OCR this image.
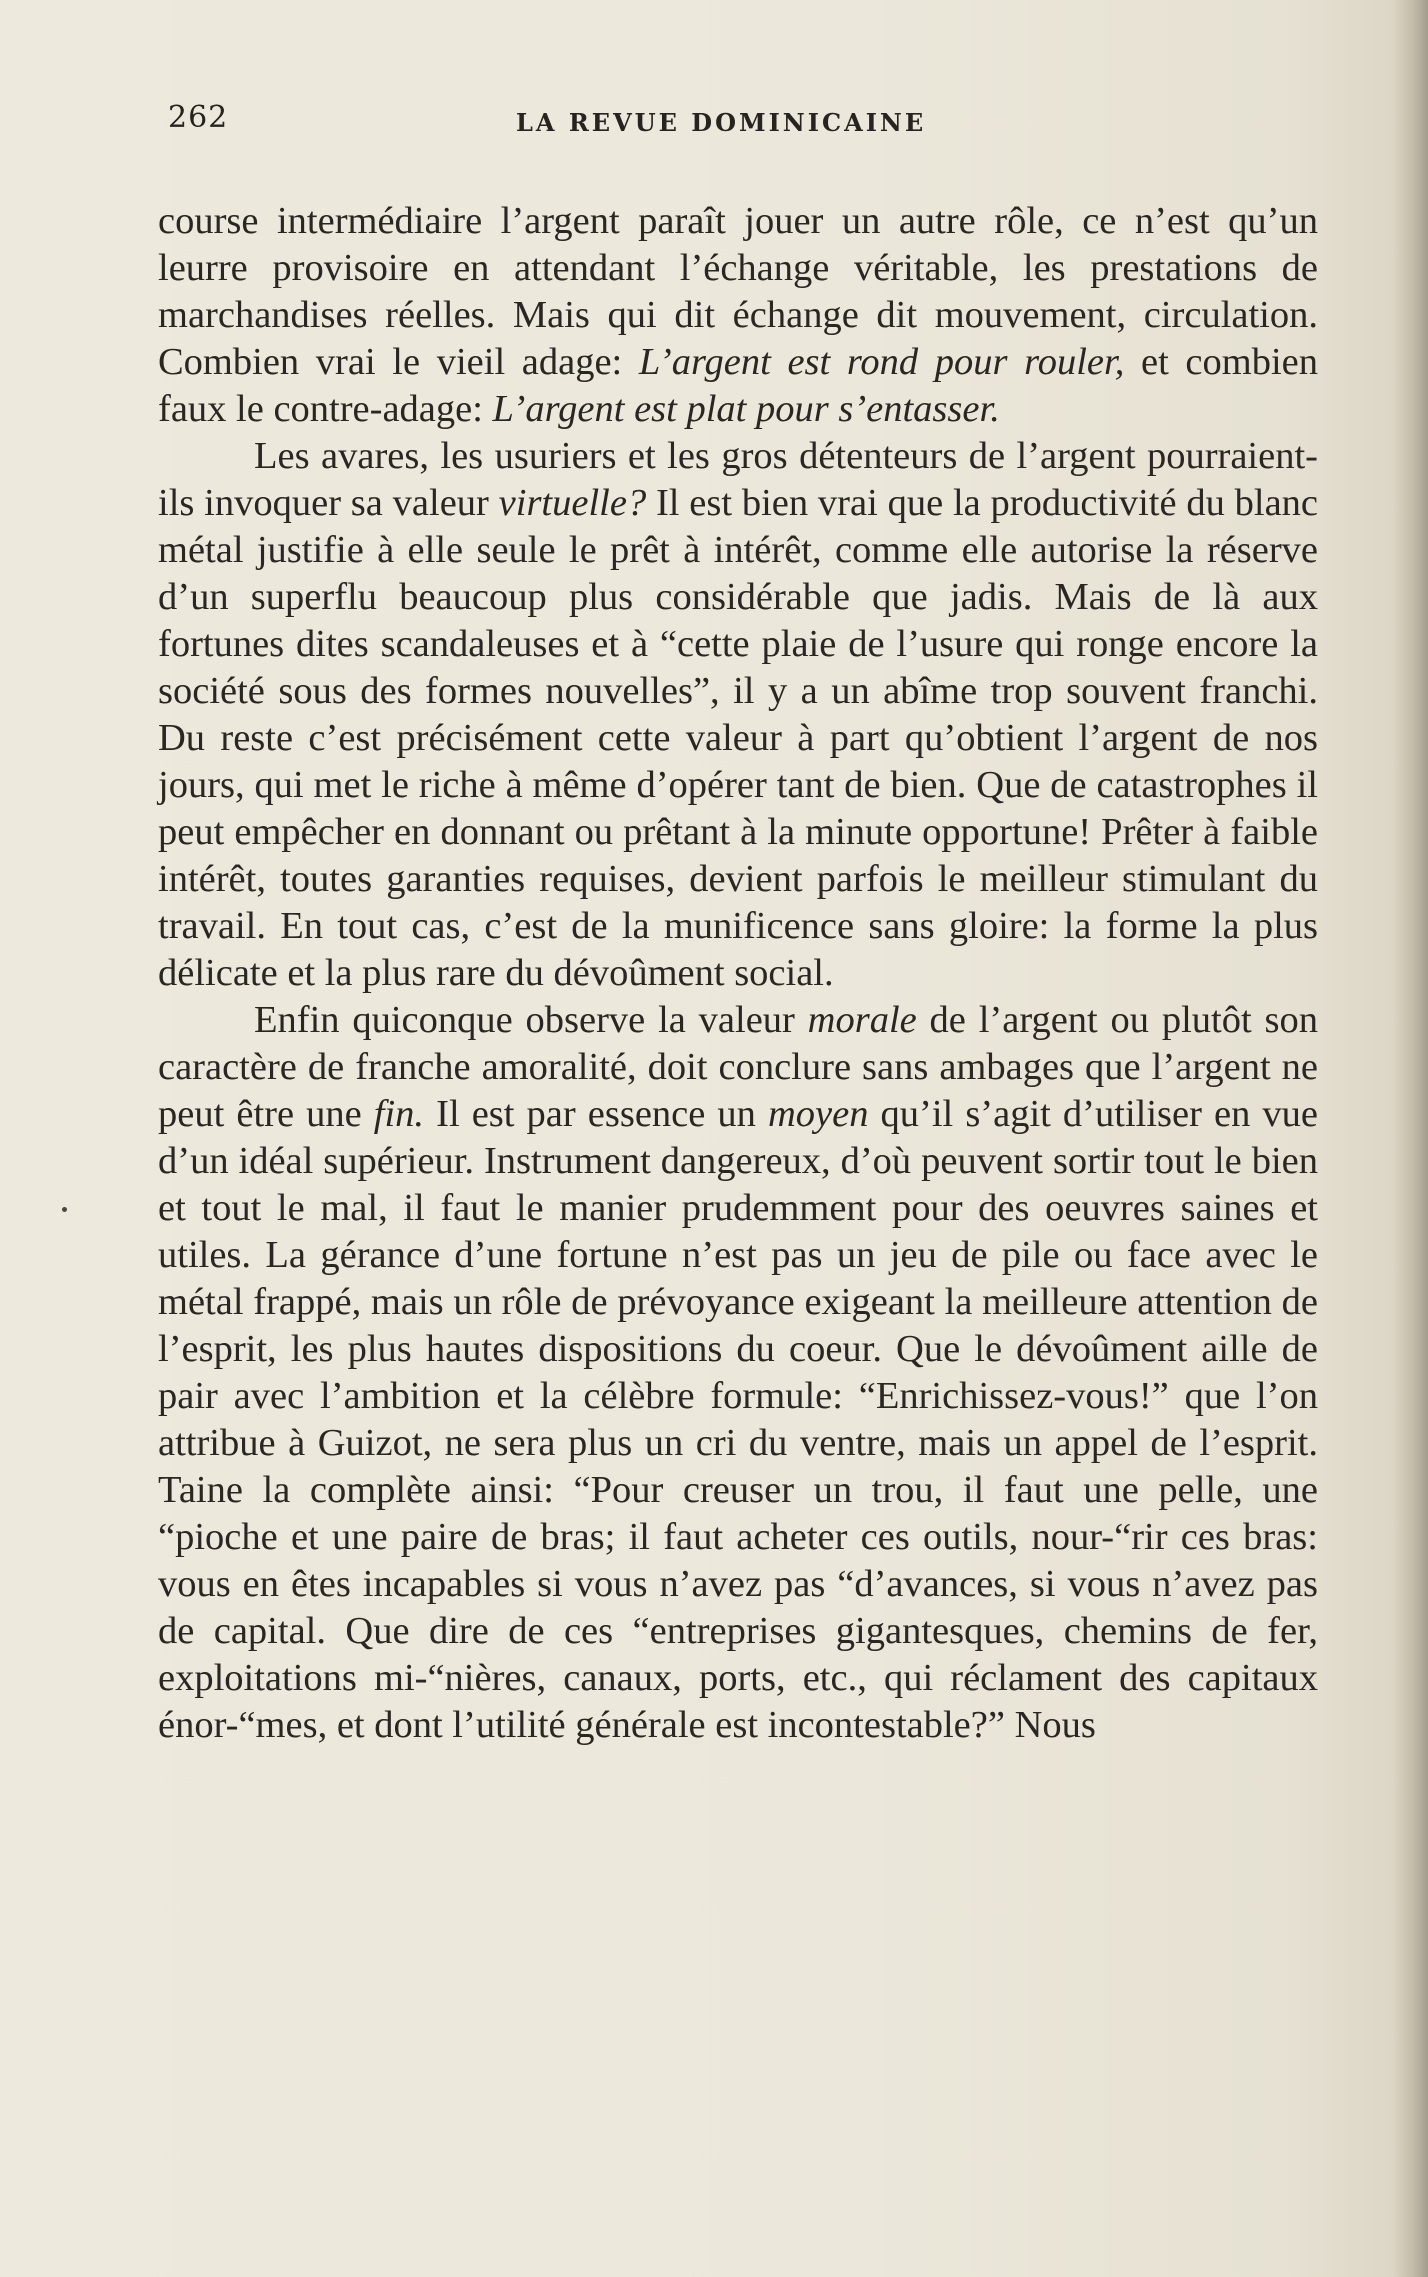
262	LA REVUE DOMINICAINE

course intermédiaire l’argent paraît jouer un autre rôle, ce n’est qu’un leurre provisoire en attendant l’échange véritable, les prestations de marchandises réelles. Mais qui dit échange dit mouvement, circulation. Combien vrai le vieil adage: L’argent est rond pour rouler, et combien faux le contre-adage: L’argent est plat pour s’entasser.

Les avares, les usuriers et les gros détenteurs de l’argent pourraient-ils invoquer sa valeur virtuelle? Il est bien vrai que la productivité du blanc métal justifie à elle seule le prêt à intérêt, comme elle autorise la réserve d’un superflu beaucoup plus considérable que jadis. Mais de là aux fortunes dites scandaleuses et à “cette plaie de l’usure qui ronge encore la société sous des formes nouvelles”, il y a un abîme trop souvent franchi. Du reste c’est précisément cette valeur à part qu’obtient l’argent de nos jours, qui met le riche à même d’opérer tant de bien. Que de catastrophes il peut empêcher en donnant ou prêtant à la minute opportune! Prêter à faible intérêt, toutes garanties requises, devient parfois le meilleur stimulant du travail. En tout cas, c’est de la munificence sans gloire: la forme la plus délicate et la plus rare du dévoûment social.

Enfin quiconque observe la valeur morale de l’argent ou plutôt son caractère de franche amoralité, doit conclure sans ambages que l’argent ne peut être une fin. Il est par essence un moyen qu’il s’agit d’utiliser en vue d’un idéal supérieur. Instrument dangereux, d’où peuvent sortir tout le bien et tout le mal, il faut le manier prudemment pour des oeuvres saines et utiles. La gérance d’une fortune n’est pas un jeu de pile ou face avec le métal frappé, mais un rôle de prévoyance exigeant la meilleure attention de l’esprit, les plus hautes dispositions du coeur. Que le dévoûment aille de pair avec l’ambition et la célèbre formule: “Enrichissez-vous!” que l’on attribue à Guizot, ne sera plus un cri du ventre, mais un appel de l’esprit. Taine la complète ainsi: “Pour creuser un trou, il faut une pelle, une “pioche et une paire de bras; il faut acheter ces outils, nour-“rir ces bras: vous en êtes incapables si vous n’avez pas “d’avances, si vous n’avez pas de capital. Que dire de ces “entreprises gigantesques, chemins de fer, exploitations mi-“nières, canaux, ports, etc., qui réclament des capitaux énor-“mes, et dont l’utilité générale est incontestable?” Nous
